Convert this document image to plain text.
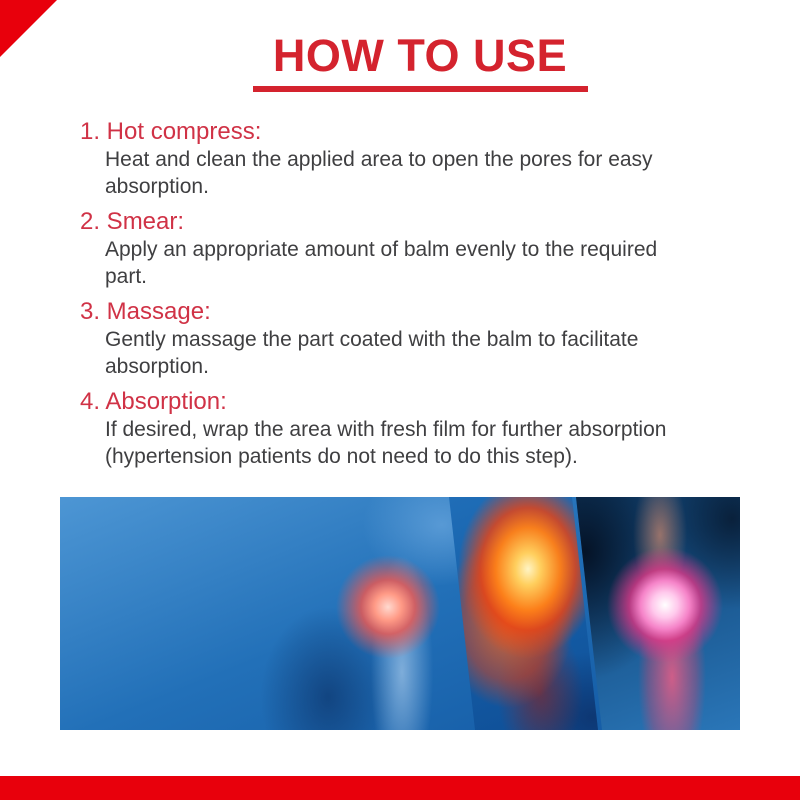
HOW TO USE
1. Hot compress:
Heat and clean the applied area to open the pores for easy
absorption.
2. Smear:
Apply an appropriate amount of balm evenly to the required
part.
3. Massage:
Gently massage the part coated with the balm to facilitate
absorption.
4. Absorption:
If desired, wrap the area with fresh film for further absorption
(hypertension patients do not need to do this step).
